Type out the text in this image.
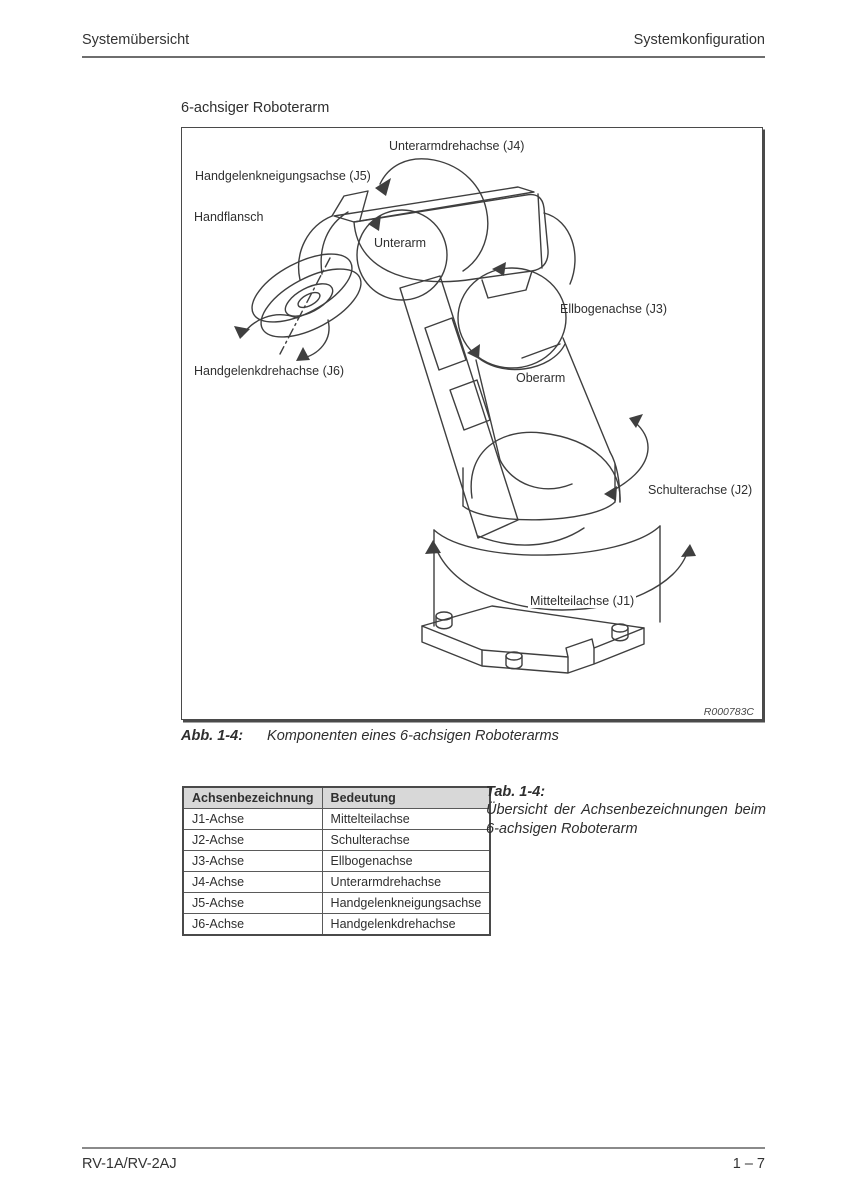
Systemübersicht	Systemkonfiguration
6-achsiger Roboterarm
Unterarmdrehachse (J4)
Handgelenkneigungsachse (J5)
Handflansch
Unterarm
Ellbogenachse (J3)
Handgelenkdrehachse (J6)	Oberarm
Schulterachse (J2)
Mittelteilachse (J1)
R000783C
Abb. 1-4: Komponenten eines 6-achsigen Roboterarms
Achsenbezeichnung	Bedeutung
J1-Achse	Mittelteilachse
J2-Achse	Schulterachse
J3-Achse	Ellbogenachse
J4-Achse	Unterarmdrehachse
J5-Achse	Handgelenkneigungsachse
J6-Achse	Handgelenkdrehachse
Tab. 1-4:
Übersicht der Achsenbezeichnungen beim 6-achsigen Roboterarm
RV-1A/RV-2AJ	1 – 7
